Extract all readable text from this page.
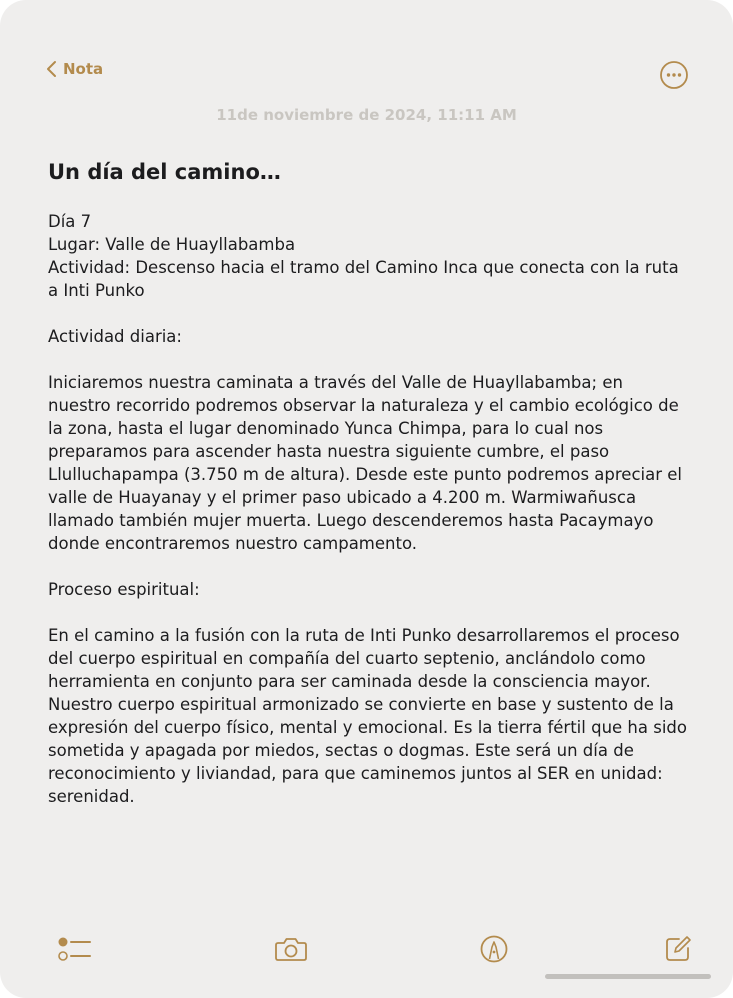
Nota
11de noviembre de 2024, 11:11 AM
Un día del camino…

Día 7

Lugar: Valle de Huayllabamba

Actividad: Descenso hacia el tramo del Camino Inca que conecta con la ruta a Inti Punko

Actividad diaria:

Iniciaremos nuestra caminata a través del Valle de Huayllabamba; en nuestro recorrido podremos observar la naturaleza y el cambio ecológico de la zona, hasta el lugar denominado Yunca Chimpa, para lo cual nos preparamos para ascender hasta nuestra siguiente cumbre, el paso Llulluchapampa (3.750 m de altura). Desde este punto podremos apreciar el valle de Huayanay y el primer paso ubicado a 4.200 m. Warmiwañusca llamado también mujer muerta. Luego descenderemos hasta Pacaymayo donde encontraremos nuestro campamento.

Proceso espiritual:

En el camino a la fusión con la ruta de Inti Punko desarrollaremos el proceso del cuerpo espiritual en compañía del cuarto septenio, anclándolo como herramienta en conjunto para ser caminada desde la consciencia mayor.

Nuestro cuerpo espiritual armonizado se convierte en base y sustento de la expresión del cuerpo físico, mental y emocional. Es la tierra fértil que ha sido sometida y apagada por miedos, sectas o dogmas. Este será un día de reconocimiento y liviandad, para que caminemos juntos al SER en unidad: serenidad.
